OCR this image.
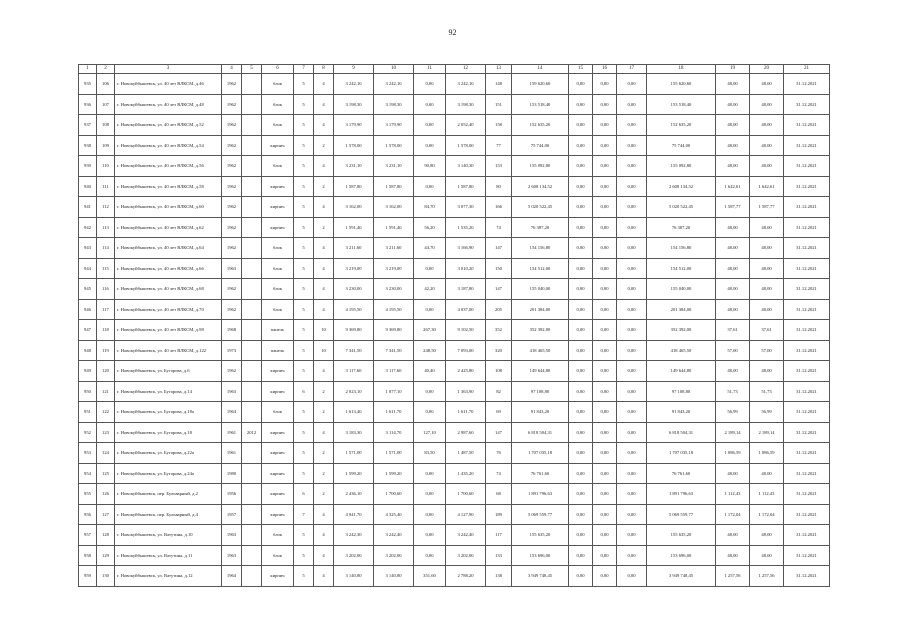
92
1	2	3	4	5	6	7	8	9	10	11	12	13	14	15	16	17	18	19	20	21
935	106	г. Новокуйбышевск, ул. 40 лет ВЛКСМ, д.46	1962		блок	5	4	3 242,10	3 242,10	0,00	3 242,10	148	159 620,60	0,00	0,00	0,00	155 620,60	48,00	48,00	31.12.2021
936	107	г. Новокуйбышевск, ул. 40 лет ВЛКСМ, д.48	1962		блок	5	4	3 198,30	3 198,30	0,00	3 198,30	151	153 518,40	0,00	0,00	0,00	153 518,40	48,00	48,00	31.12.2021
937	108	г. Новокуйбышевск, ул. 40 лет ВЛКСМ, д.52	1962		блок	5	4	3 179,90	3 179,90	0,00	2 052,40	158	152 635,20	0,00	0,00	0,00	152 635,20	48,00	48,00	31.12.2021
938	109	г. Новокуйбышевск, ул. 40 лет ВЛКСМ, д.54	1962		кирпич	5	2	1 578,00	1 578,00	0,00	1 578,00	77	75 744,00	0,00	0,00	0,00	75 744,00	48,00	48,00	31.12.2021
939	110	г. Новокуйбышевск, ул. 40 лет ВЛКСМ, д.56	1962		блок	5	4	3 231,10	3 231,10	90,80	3 140,30	153	155 092,80	0,00	0,00	0,00	155 092,80	48,00	48,00	31.12.2021
940	111	г. Новокуйбышевск, ул. 40 лет ВЛКСМ, д.58	1962		кирпич	5	2	1 587,80	1 587,80	0,00	1 587,80	80	2 608 134,52	0,00	0,00	0,00	2 608 134,52	1 642,61	1 642,61	31.12.2021
941	112	г. Новокуйбышевск, ул. 40 лет ВЛКСМ, д.60	1962		кирпич	5	4	3 162,00	3 162,00	84,70	3 077,30	166	5 020 522,45	0,00	0,00	0,00	5 020 522,45	1 587,77	1 587,77	31.12.2021
942	113	г. Новокуйбышевск, ул. 40 лет ВЛКСМ, д.62	1962		кирпич	5	2	1 591,40	1 591,40	56,20	1 535,20	74	76 387,20	0,00	0,00	0,00	76 387,20	48,00	48,00	31.12.2021
943	114	г. Новокуйбышевск, ул. 40 лет ВЛКСМ, д.64	1962		блок	5	4	3 211,60	3 211,60	44,70	3 166,90	147	154 156,80	0,00	0,00	0,00	154 156,80	48,00	48,00	31.12.2021
944	115	г. Новокуйбышевск, ул. 40 лет ВЛКСМ, д.66	1963		блок	5	4	3 219,00	3 219,00	0,00	3 010,20	150	154 512,00	0,00	0,00	0,00	154 512,00	48,00	48,00	31.12.2021
945	116	г. Новокуйбышевск, ул. 40 лет ВЛКСМ, д.68	1962		блок	5	4	3 230,00	3 230,00	42,20	3 187,80	147	155 040,00	0,00	0,00	0,00	155 040,00	48,00	48,00	31.12.2021
946	117	г. Новокуйбышевск, ул. 40 лет ВЛКСМ, д.70	1962		блок	5	4	4 195,50	4 195,50	0,00	4 037,00	205	201 384,00	0,00	0,00	0,00	201 384,00	48,00	48,00	31.12.2021
947	118	г. Новокуйбышевск, ул. 40 лет ВЛКСМ, д.98	1968		панель	5	10	9 369,80	9 369,80	267,30	9 102,50	352	352 392,00	0,00	0,00	0,00	352 392,00	37,61	37,61	31.12.2021
948	119	г. Новокуйбышевск, ул. 40 лет ВЛКСМ, д.122	1973		панель	5	10	7 341,50	7 341,50	248,50	7 093,00	320	418 465,50	0,00	0,00	0,00	418 465,50	57,00	57,00	31.12.2021
949	120	г. Новокуйбышевск, ул. Бугарова, д.6	1962		кирпич	5	4	3 117,60	3 117,60	40,40	2 425,80	108	149 644,80	0,00	0,00	0,00	149 644,80	48,00	48,00	31.12.2021
950	121	г. Новокуйбышевск, ул. Бугарова, д.14	1963		кирпич	6	2	2 023,10	1 877,10	0,00	1 363,90	82	97 108,80	0,00	0,00	0,00	97 108,80	51,73	51,73	31.12.2021
951	122	г. Новокуйбышевск, ул. Бугарова, д.18а	1964		блок	5	2	1 613,40	1 611,70	0,00	1 611,70	69	91 843,20	0,00	0,00	0,00	91 843,20	56,99	56,99	31.12.2021
952	123	г. Новокуйбышевск, ул. Бугарова, д.18	1961	2012	кирпич	5	4	3 183,30	3 114,70	127,10	2 987,60	147	6 818 504,31	0,00	0,00	0,00	6 818 504,31	2 189,14	2 189,14	31.12.2021
953	124	г. Новокуйбышевск, ул. Бугарова, д.22а	1961		кирпич	5	2	1 571,00	1 571,00	83,50	1 487,50	76	1 707 035,18	0,00	0,00	0,00	1 707 035,18	1 086,59	1 086,59	31.12.2021
954	125	г. Новокуйбышевск, ул. Бугарова, д.24а	1980		кирпич	5	2	1 599,20	1 599,20	0,00	1 435,20	74	76 761,60	0,00	0,00	0,00	76 761,60	48,00	48,00	31.12.2021
955	126	г. Новокуйбышевск, пер. Бульварный, д.2	1956		кирпич	6	2	2 436,10	1 700,60	0,00	1 700,60	68	1 891 796,63	0,00	0,00	0,00	1 891 796,63	1 112,43	1 112,43	31.12.2021
956	127	г. Новокуйбышевск, пер. Бульварный, д.4	1957		кирпич	7	4	4 941,70	4 325,40	0,00	4 127,90	189	5 069 559,77	0,00	0,00	0,00	5 069 559,77	1 172,04	1 172,04	31.12.2021
957	128	г. Новокуйбышевск, ул. Ватутина, д.10	1963		блок	5	4	3 242,30	3 242,40	0,00	3 242,40	117	155 635,20	0,00	0,00	0,00	155 635,20	48,00	48,00	31.12.2021
958	129	г. Новокуйбышевск, ул. Ватутина, д.11	1963		блок	5	4	3 202,00	3 202,00	0,00	3 202,00	133	153 696,00	0,00	0,00	0,00	153 696,00	48,00	48,00	31.12.2021
959	130	г. Новокуйбышевск, ул. Ватутина, д.12	1964		кирпич	5	4	3 140,80	3 140,80	351,60	2 788,20	138	3 949 748,45	0,00	0,00	0,00	3 949 748,45	1 257,56	1 257,56	31.12.2021
